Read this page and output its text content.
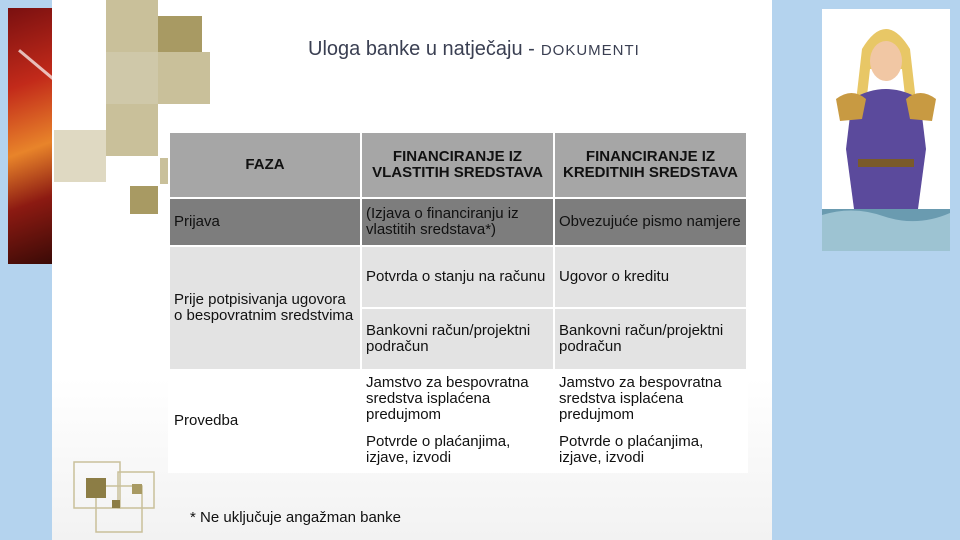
Uloga banke u natječaju - DOKUMENTI
* Ne uključuje angažman banke
FAZA	FINANCIRANJE IZ VLASTITIH SREDSTAVA	FINANCIRANJE IZ KREDITNIH SREDSTAVA
Prijava	(Izjava o financiranju iz vlastitih sredstava*)	Obvezujuće pismo namjere
Prije potpisivanja ugovora o bespovratnim sredstvima	Potvrda o stanju na računu	Ugovor o kreditu
	Bankovni račun/projektni podračun	Bankovni račun/projektni podračun
Provedba	Jamstvo za bespovratna sredstva isplaćena predujmom	Jamstvo za bespovratna sredstva isplaćena predujmom
	Potvrde o plaćanjima, izjave, izvodi	Potvrde o plaćanjima, izjave, izvodi
